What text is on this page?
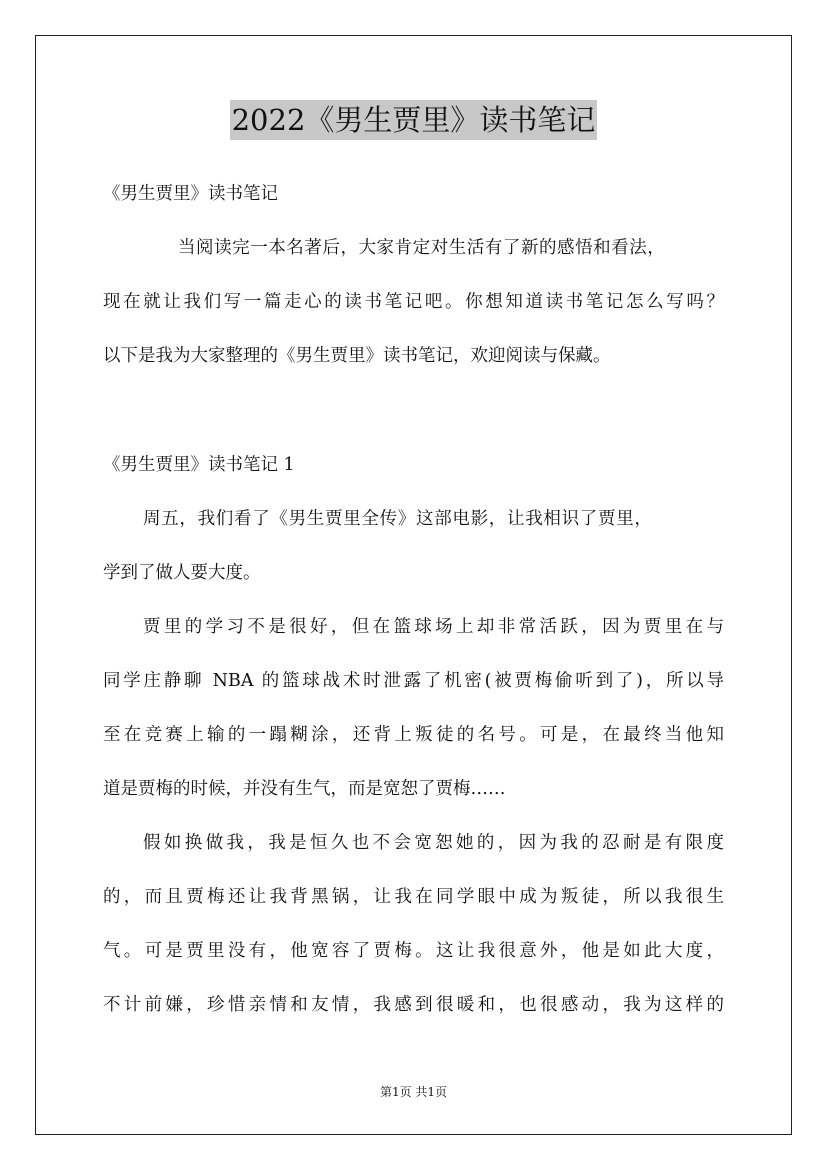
2022《男生贾里》读书笔记
《男生贾里》读书笔记
当阅读完一本名著后，大家肯定对生活有了新的感悟和看法，
现在就让我们写一篇走心的读书笔记吧。你想知道读书笔记怎么写吗？
以下是我为大家整理的《男生贾里》读书笔记，欢迎阅读与保藏。
《男生贾里》读书笔记 1
周五，我们看了《男生贾里全传》这部电影，让我相识了贾里，
学到了做人要大度。
贾里的学习不是很好，但在篮球场上却非常活跃，因为贾里在与
同学庄静聊 NBA 的篮球战术时泄露了机密(被贾梅偷听到了)，所以导
至在竞赛上输的一蹋糊涂，还背上叛徒的名号。可是，在最终当他知
道是贾梅的时候，并没有生气，而是宽恕了贾梅……
假如换做我，我是恒久也不会宽恕她的，因为我的忍耐是有限度
的，而且贾梅还让我背黑锅，让我在同学眼中成为叛徒，所以我很生
气。可是贾里没有，他宽容了贾梅。这让我很意外，他是如此大度，
不计前嫌，珍惜亲情和友情，我感到很暖和，也很感动，我为这样的
第1页 共1页
